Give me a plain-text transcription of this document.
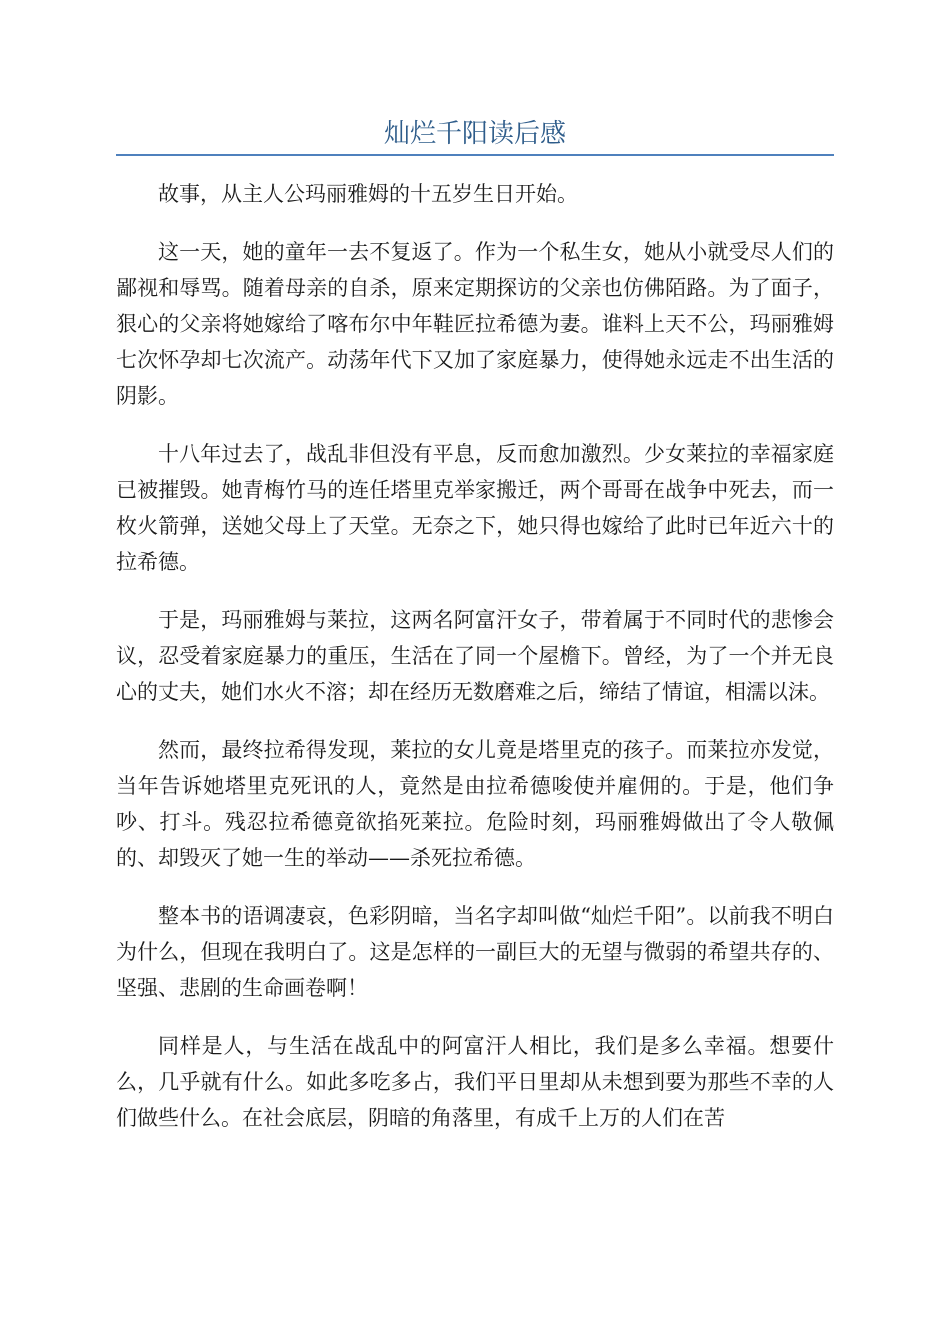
灿烂千阳读后感

故事，从主人公玛丽雅姆的十五岁生日开始。

这一天，她的童年一去不复返了。作为一个私生女，她从小就受尽人们的鄙视和辱骂。随着母亲的自杀，原来定期探访的父亲也仿佛陌路。为了面子，狠心的父亲将她嫁给了喀布尔中年鞋匠拉希德为妻。谁料上天不公，玛丽雅姆七次怀孕却七次流产。动荡年代下又加了家庭暴力，使得她永远走不出生活的阴影。

十八年过去了，战乱非但没有平息，反而愈加激烈。少女莱拉的幸福家庭已被摧毁。她青梅竹马的连任塔里克举家搬迁，两个哥哥在战争中死去，而一枚火箭弹，送她父母上了天堂。无奈之下，她只得也嫁给了此时已年近六十的拉希德。

于是，玛丽雅姆与莱拉，这两名阿富汗女子，带着属于不同时代的悲惨会议，忍受着家庭暴力的重压，生活在了同一个屋檐下。曾经，为了一个并无良心的丈夫，她们水火不溶；却在经历无数磨难之后，缔结了情谊，相濡以沫。

然而，最终拉希得发现，莱拉的女儿竟是塔里克的孩子。而莱拉亦发觉，当年告诉她塔里克死讯的人，竟然是由拉希德唆使并雇佣的。于是，他们争吵、打斗。残忍拉希德竟欲掐死莱拉。危险时刻，玛丽雅姆做出了令人敬佩的、却毁灭了她一生的举动——杀死拉希德。

整本书的语调凄哀，色彩阴暗，当名字却叫做“灿烂千阳”。以前我不明白为什么，但现在我明白了。这是怎样的一副巨大的无望与微弱的希望共存的、坚强、悲剧的生命画卷啊！

同样是人，与生活在战乱中的阿富汗人相比，我们是多么幸福。想要什么，几乎就有什么。如此多吃多占，我们平日里却从未想到要为那些不幸的人们做些什么。在社会底层，阴暗的角落里，有成千上万的人们在苦
